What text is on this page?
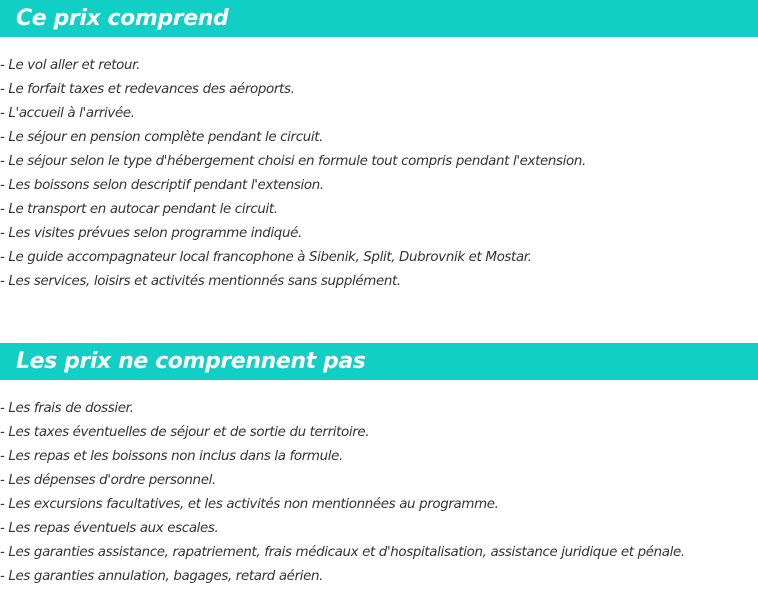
Ce prix comprend
- Le vol aller et retour.
- Le forfait taxes et redevances des aéroports.
- L'accueil à l'arrivée.
- Le séjour en pension complète pendant le circuit.
- Le séjour selon le type d'hébergement choisi en formule tout compris pendant l'extension.
- Les boissons selon descriptif pendant l'extension.
- Le transport en autocar pendant le circuit.
- Les visites prévues selon programme indiqué.
- Le guide accompagnateur local francophone à Sibenik, Split, Dubrovnik et Mostar.
- Les services, loisirs et activités mentionnés sans supplément.
Les prix ne comprennent pas
- Les frais de dossier.
- Les taxes éventuelles de séjour et de sortie du territoire.
- Les repas et les boissons non inclus dans la formule.
- Les dépenses d'ordre personnel.
- Les excursions facultatives, et les activités non mentionnées au programme.
- Les repas éventuels aux escales.
- Les garanties assistance, rapatriement, frais médicaux et d'hospitalisation, assistance juridique et pénale.
- Les garanties annulation, bagages, retard aérien.
